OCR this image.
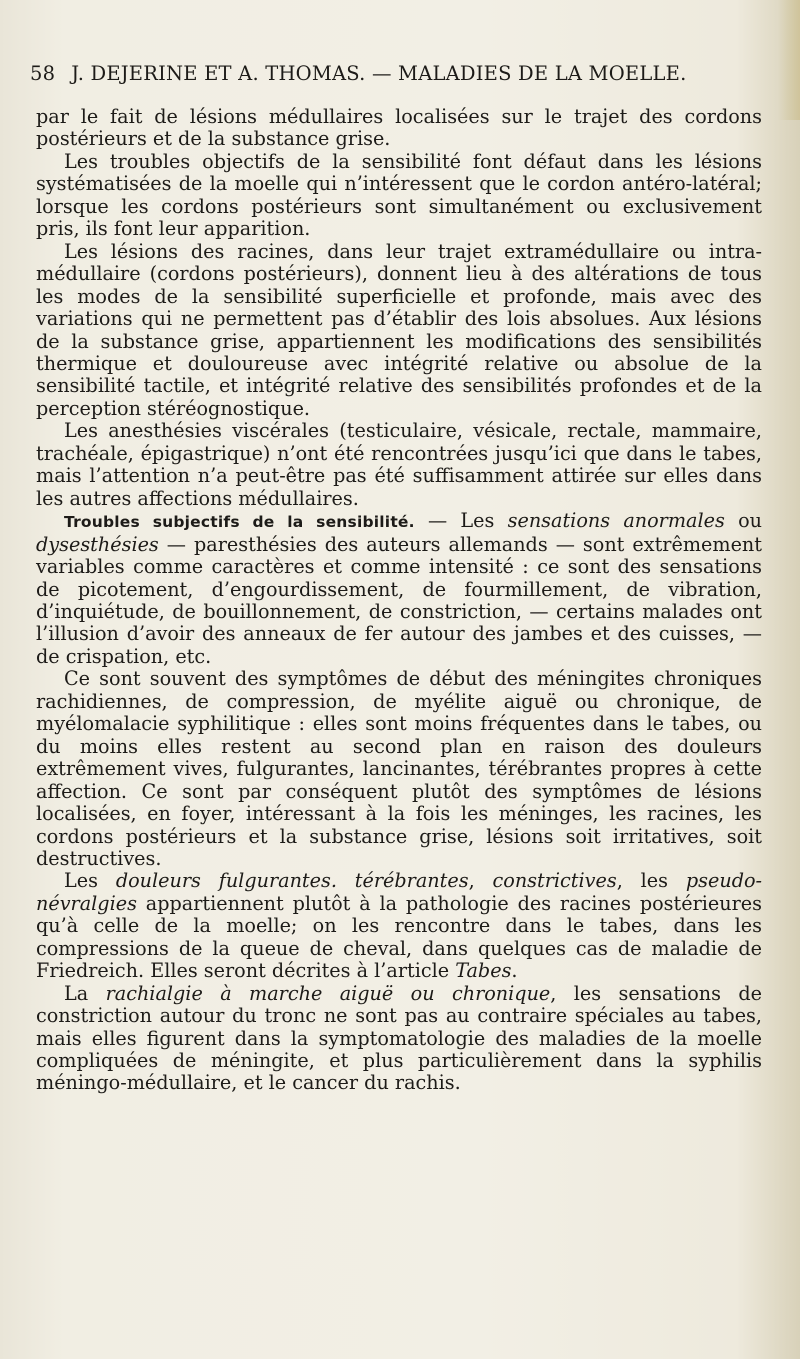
58 J. DEJERINE ET A. THOMAS. — MALADIES DE LA MOELLE.

par le fait de lésions médullaires localisées sur le trajet des cordons postérieurs et de la substance grise.

Les troubles objectifs de la sensibilité font défaut dans les lésions systématisées de la moelle qui n’intéressent que le cordon antéro-latéral; lorsque les cordons postérieurs sont simultanément ou exclusivement pris, ils font leur apparition.

Les lésions des racines, dans leur trajet extramédullaire ou intra-médullaire (cordons postérieurs), donnent lieu à des altérations de tous les modes de la sensibilité superficielle et profonde, mais avec des variations qui ne permettent pas d’établir des lois absolues. Aux lésions de la substance grise, appartiennent les modifications des sensibilités thermique et douloureuse avec intégrité relative ou absolue de la sensibilité tactile, et intégrité relative des sensibilités profondes et de la perception stéréognostique.

Les anesthésies viscérales (testiculaire, vésicale, rectale, mammaire, trachéale, épigastrique) n’ont été rencontrées jusqu’ici que dans le tabes, mais l’attention n’a peut-être pas été suffisamment attirée sur elles dans les autres affections médullaires.

Troubles subjectifs de la sensibilité. — Les sensations anormales ou dysesthésies — paresthésies des auteurs allemands — sont extrêmement variables comme caractères et comme intensité : ce sont des sensations de picotement, d’engourdissement, de fourmillement, de vibration, d’inquiétude, de bouillonnement, de constriction, — certains malades ont l’illusion d’avoir des anneaux de fer autour des jambes et des cuisses, — de crispation, etc.

Ce sont souvent des symptômes de début des méningites chroniques rachidiennes, de compression, de myélite aiguë ou chronique, de myélomalacie syphilitique : elles sont moins fréquentes dans le tabes, ou du moins elles restent au second plan en raison des douleurs extrêmement vives, fulgurantes, lancinantes, térébrantes propres à cette affection. Ce sont par conséquent plutôt des symptômes de lésions localisées, en foyer, intéressant à la fois les méninges, les racines, les cordons postérieurs et la substance grise, lésions soit irritatives, soit destructives.

Les douleurs fulgurantes. térébrantes, constrictives, les pseudo-névralgies appartiennent plutôt à la pathologie des racines postérieures qu’à celle de la moelle; on les rencontre dans le tabes, dans les compressions de la queue de cheval, dans quelques cas de maladie de Friedreich. Elles seront décrites à l’article Tabes.

La rachialgie à marche aiguë ou chronique, les sensations de constriction autour du tronc ne sont pas au contraire spéciales au tabes, mais elles figurent dans la symptomatologie des maladies de la moelle compliquées de méningite, et plus particulièrement dans la syphilis méningo-médullaire, et le cancer du rachis.
